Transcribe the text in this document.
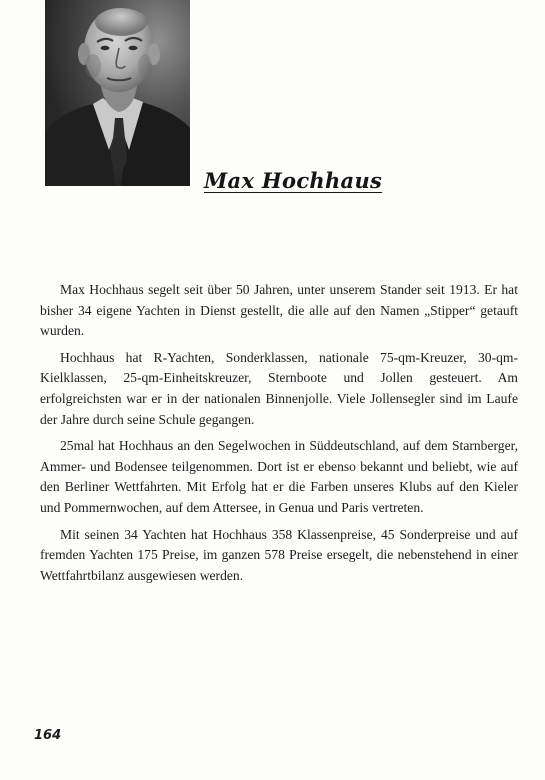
Max Hochhaus

Max Hochhaus segelt seit über 50 Jahren, unter unserem Stander seit 1913. Er hat bisher 34 eigene Yachten in Dienst gestellt, die alle auf den Namen „Stipper“ getauft wurden.

Hochhaus hat R-Yachten, Sonderklassen, nationale 75-qm-Kreuzer, 30-qm-Kielklassen, 25-qm-Einheitskreuzer, Sternboote und Jollen gesteuert. Am erfolgreichsten war er in der nationalen Binnenjolle. Viele Jollensegler sind im Laufe der Jahre durch seine Schule gegangen.

25mal hat Hochhaus an den Segelwochen in Süddeutschland, auf dem Starnberger, Ammer- und Bodensee teilgenommen. Dort ist er ebenso bekannt und beliebt, wie auf den Berliner Wettfahrten. Mit Erfolg hat er die Farben unseres Klubs auf den Kieler und Pommernwochen, auf dem Attersee, in Genua und Paris vertreten.

Mit seinen 34 Yachten hat Hochhaus 358 Klassenpreise, 45 Sonderpreise und auf fremden Yachten 175 Preise, im ganzen 578 Preise ersegelt, die nebenstehend in einer Wettfahrtbilanz ausgewiesen werden.

164
